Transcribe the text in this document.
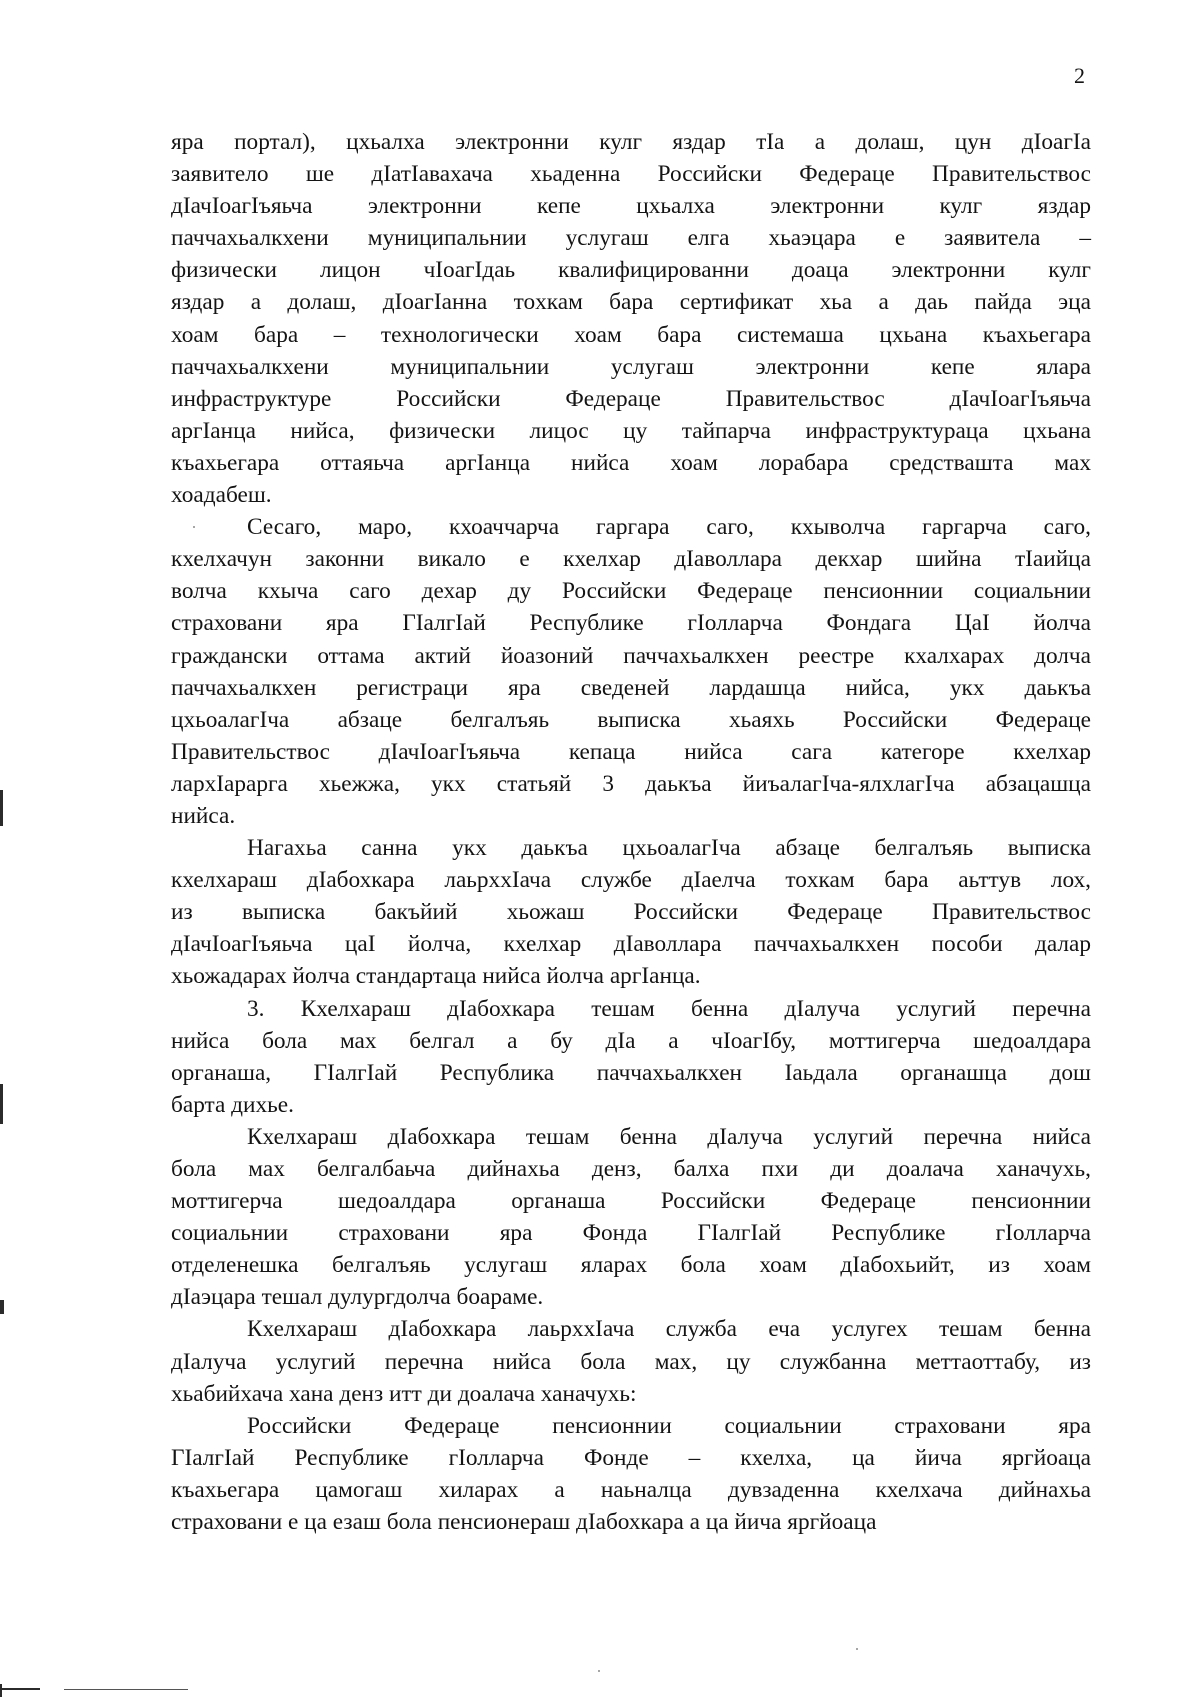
2
яра портал), цхьалха электронни кулг яздар тIа а долаш, цун дIоагIа
заявитело ше дIатIавахача хьаденна Российски Федераце Правительствос
дIачIоагIъяьча электронни кепе цхьалха электронни кулг яздар
паччахьалкхени муниципальнии услугаш елга хьаэцара е заявитела –
физически лицон чIоагIдаь квалифицированни доаца электронни кулг
яздар а долаш, дIоагIанна тоxкам бара сертификат хьа а даь пайда эца
хоам бара – технологически хоам бара системаша цхьана къахьегара
паччахьалкхени муниципальнии услугаш электронни кепе ялара
инфраструктуре Российски Федераце Правительствос дIачIоагIъяьча
аргIанца нийса, физически лицос цу тайпарча инфраструктураца цхьана
къахьегара оттаяьча аргIанца нийса хоам лорабара средствашта мах
хоадабеш.
Сесаго, маро, кхоаччарча гаргара саго, кхыволча гаргарча саго,
кхелхачун законни викало е кхелхар дIаволлара декхар шийна тIаийца
волча кхыча саго дехар ду Российски Федераце пенсионнии социальнии
страховани яра ГIалгIай Республике гIолларча Фондага ЦаI йолча
граждански оттама актий йоазоний паччахьалкхен реестре кхалхарах долча
паччахьалкхен регистраци яра сведеней лардашца нийса, укх даькъа
цхьоалагIча абзаце белгалъяь выписка хьаяхь Российски Федераце
Правительствос дIачIоагIъяьча кепаца нийса сага категоре кхелхар
лархIарарга хьежжа, укх статьяй 3 даькъа йиъалагIча-ялхлагIча абзацашца
нийса.
Нагахьа санна укх даькъа цхьоалагIча абзаце белгалъяь выписка
кхелхараш дIабохкара лаьрххIача службе дIаелча тоxкам бара аьттув лох,
из выписка бакъйий хьожаш Российски Федераце Правительствос
дIачIоагIъяьча цаI йолча, кхелхар дIаволлара паччахьалкхен пособи далар
хьожадарах йолча стандартаца нийса йолча аргIанца.
3. Кхелхараш дIабохкара тешам бенна дIалуча услугий перечна
нийса бола мах белгал а бу дIа а чIоагIбу, моттигерча шедоалдара
органаша, ГIалгIай Республика паччахьалкхен Iаьдала органашца дош
барта дихье.
Кхелхараш дIабохкара тешам бенна дIалуча услугий перечна нийса
бола мах белгалбаьча дийнахьа денз, балха пхи ди доалача ханачухь,
моттигерча шедоалдара органаша Российски Федераце пенсионнии
социальнии страховани яра Фонда ГIалгIай Республике гIолларча
отделенешка белгалъяь услугаш яларах бола хоам дIабохьийт, из хоам
дIаэцара тешал дулургдолча боараме.
Кхелхараш дIабохкара лаьрххIача служба еча услугех тешам бенна
дIалуча услугий перечна нийса бола мах, цу службанна меттаоттабу, из
хьабийхача хана денз итт ди доалача ханачухь:
Российски Федераце пенсионнии социальнии страховани яра
ГIалгIай Республике гIолларча Фонде – кхелха, ца йича яргйоаца
къахьегара цамогаш хиларах а наьналца дувзаденна кхелхача дийнахьа
страховани е ца езаш бола пенсионераш дIабохкара а ца йича яргйоаца
